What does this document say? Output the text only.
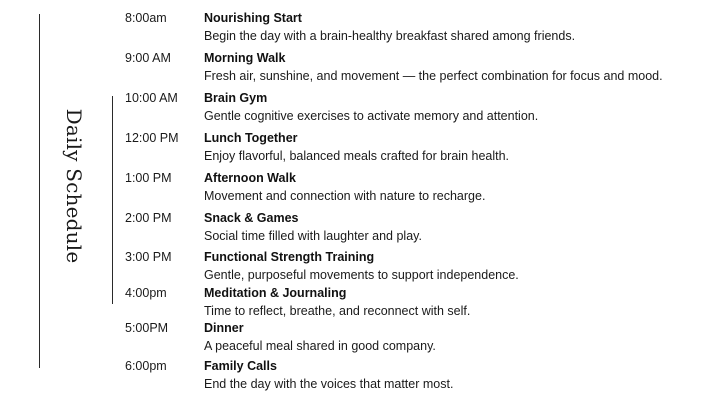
Daily Schedule
8:00am	Nourishing Start
Begin the day with a brain-healthy breakfast shared among friends.
9:00 AM	Morning Walk
Fresh air, sunshine, and movement — the perfect combination for focus and mood.
10:00 AM Brain Gym
Gentle cognitive exercises to activate memory and attention.
12:00 PM Lunch Together
Enjoy flavorful, balanced meals crafted for brain health.
1:00 PM	Afternoon Walk
Movement and connection with nature to recharge.
2:00 PM	Snack & Games
Social time filled with laughter and play.
3:00 PM	Functional Strength Training
Gentle, purposeful movements to support independence.
4:00pm	Meditation & Journaling
Time to reflect, breathe, and reconnect with self.
5:00PM	Dinner
A peaceful meal shared in good company.
6:00pm	Family Calls
End the day with the voices that matter most.
